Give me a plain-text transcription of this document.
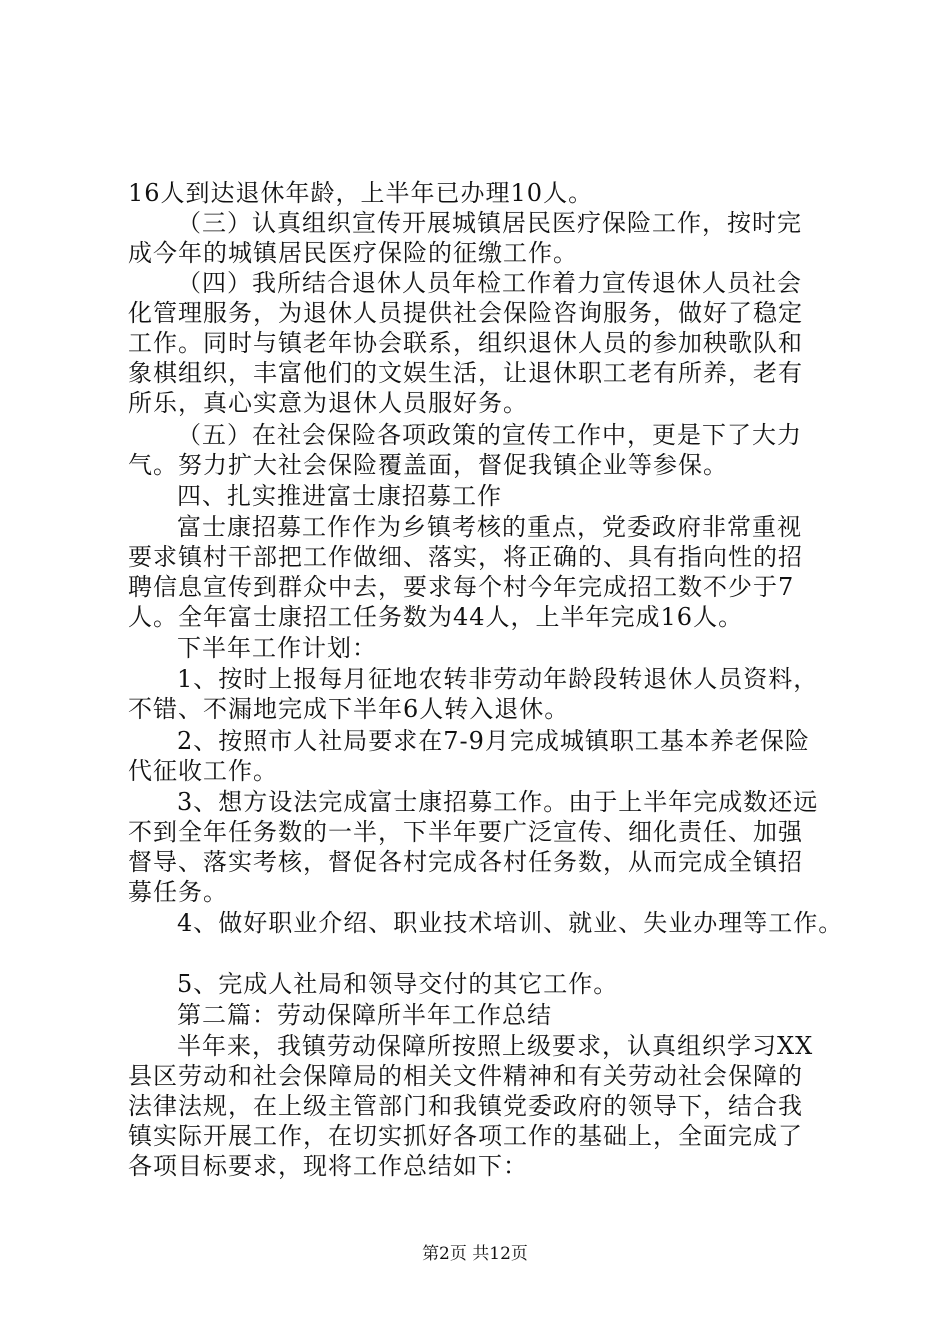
16人到达退休年龄，上半年已办理10人。
（三）认真组织宣传开展城镇居民医疗保险工作，按时完
成今年的城镇居民医疗保险的征缴工作。
（四）我所结合退休人员年检工作着力宣传退休人员社会
化管理服务，为退休人员提供社会保险咨询服务，做好了稳定
工作。同时与镇老年协会联系，组织退休人员的参加秧歌队和
象棋组织，丰富他们的文娱生活，让退休职工老有所养，老有
所乐，真心实意为退休人员服好务。
（五）在社会保险各项政策的宣传工作中，更是下了大力
气。努力扩大社会保险覆盖面，督促我镇企业等参保。
四、扎实推进富士康招募工作
富士康招募工作作为乡镇考核的重点，党委政府非常重视
要求镇村干部把工作做细、落实，将正确的、具有指向性的招
聘信息宣传到群众中去，要求每个村今年完成招工数不少于7
人。全年富士康招工任务数为44人，上半年完成16人。
下半年工作计划：
1、按时上报每月征地农转非劳动年龄段转退休人员资料，
不错、不漏地完成下半年6人转入退休。
2、按照市人社局要求在7-9月完成城镇职工基本养老保险
代征收工作。
3、想方设法完成富士康招募工作。由于上半年完成数还远
不到全年任务数的一半，下半年要广泛宣传、细化责任、加强
督导、落实考核，督促各村完成各村任务数，从而完成全镇招
募任务。
4、做好职业介绍、职业技术培训、就业、失业办理等工作。
5、完成人社局和领导交付的其它工作。
第二篇：劳动保障所半年工作总结
半年来，我镇劳动保障所按照上级要求，认真组织学习XX
县区劳动和社会保障局的相关文件精神和有关劳动社会保障的
法律法规，在上级主管部门和我镇党委政府的领导下，结合我
镇实际开展工作，在切实抓好各项工作的基础上，全面完成了
各项目标要求，现将工作总结如下：
第2页 共12页
